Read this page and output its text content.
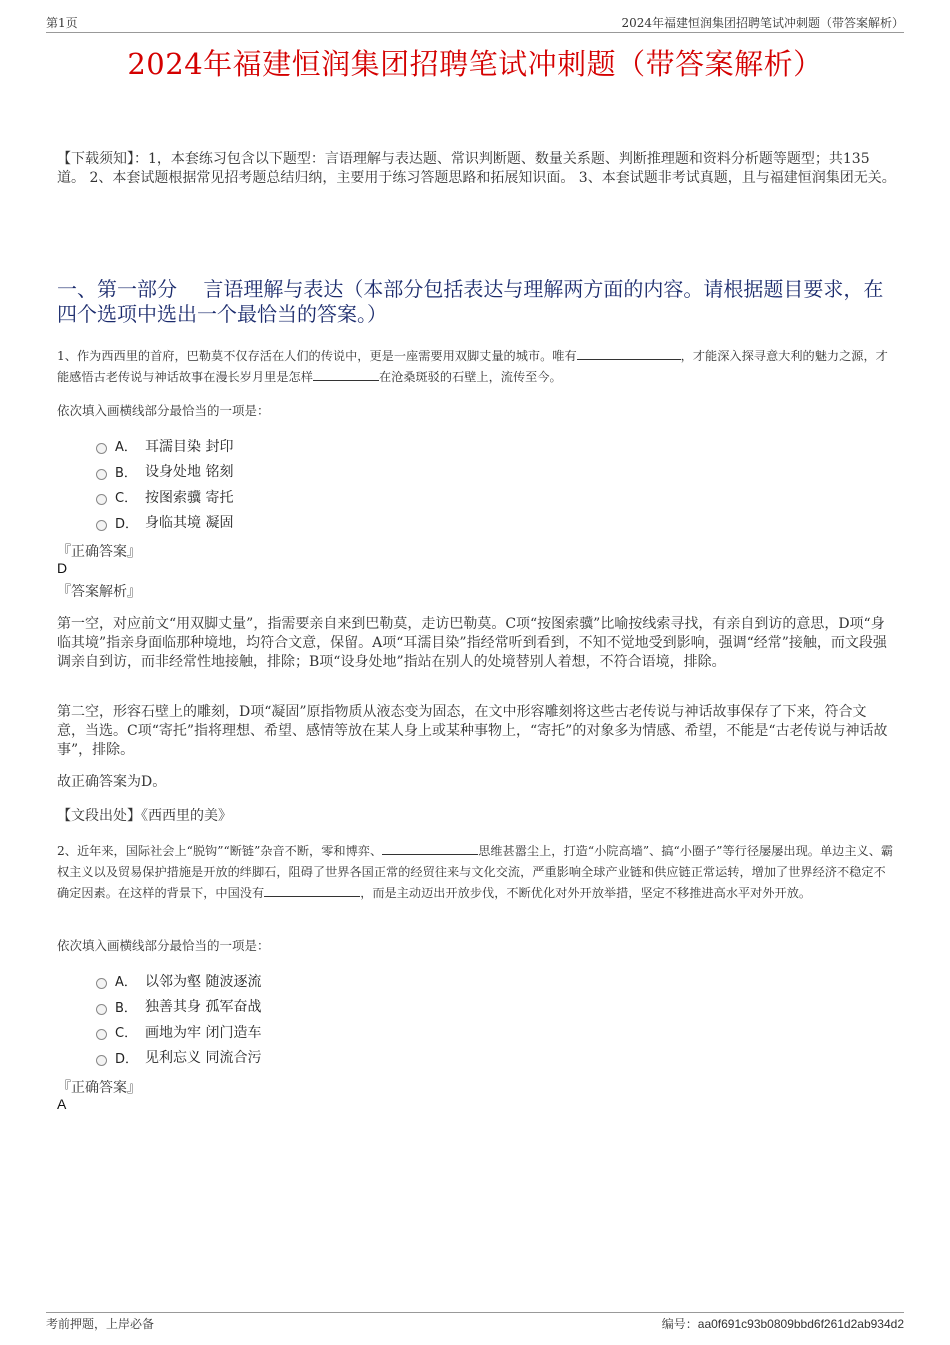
第1页	2024年福建恒润集团招聘笔试冲刺题（带答案解析）
2024年福建恒润集团招聘笔试冲刺题（带答案解析）
【下载须知】：1，本套练习包含以下题型：言语理解与表达题、常识判断题、数量关系题、判断推理题和资料分析题等题型；共135道。 2、本套试题根据常见招考题总结归纳，主要用于练习答题思路和拓展知识面。 3、本套试题非考试真题，且与福建恒润集团无关。
一、第一部分　 言语理解与表达（本部分包括表达与理解两方面的内容。请根据题目要求，在四个选项中选出一个最恰当的答案。）
1、作为西西里的首府，巴勒莫不仅存活在人们的传说中，更是一座需要用双脚丈量的城市。唯有	，才能深入探寻意大利的魅力之源，才能感悟古老传说与神话故事在漫长岁月里是怎样	在沧桑斑驳的石壁上，流传至今。
依次填入画横线部分最恰当的一项是：
A． 耳濡目染 封印
B． 设身处地 铭刻
C． 按图索骥 寄托
D． 身临其境 凝固
『正确答案』
D
『答案解析』
第一空，对应前文“用双脚丈量”，指需要亲自来到巴勒莫，走访巴勒莫。C项“按图索骥”比喻按线索寻找，有亲自到访的意思，D项“身临其境”指亲身面临那种境地，均符合文意，保留。A项“耳濡目染”指经常听到看到，不知不觉地受到影响，强调“经常”接触，而文段强调亲自到访，而非经常性地接触，排除；B项“设身处地”指站在别人的处境替别人着想，不符合语境，排除。
第二空，形容石壁上的雕刻，D项“凝固”原指物质从液态变为固态，在文中形容雕刻将这些古老传说与神话故事保存了下来，符合文意，当选。C项“寄托”指将理想、希望、感情等放在某人身上或某种事物上，“寄托”的对象多为情感、希望，不能是“古老传说与神话故事”，排除。
故正确答案为D。
【文段出处】《西西里的美》
2、近年来，国际社会上“脱钩”“断链”杂音不断，零和博弈、	思维甚嚣尘上，打造“小院高墙”、搞“小圈子”等行径屡屡出现。单边主义、霸权主义以及贸易保护措施是开放的绊脚石，阻碍了世界各国正常的经贸往来与文化交流，严重影响全球产业链和供应链正常运转，增加了世界经济不稳定不确定因素。在这样的背景下，中国没有	，而是主动迈出开放步伐，不断优化对外开放举措，坚定不移推进高水平对外开放。
依次填入画横线部分最恰当的一项是：
A． 以邻为壑 随波逐流
B． 独善其身 孤军奋战
C． 画地为牢 闭门造车
D． 见利忘义 同流合污
『正确答案』
A
考前押题，上岸必备	编号：aa0f691c93b0809bbd6f261d2ab934d2
